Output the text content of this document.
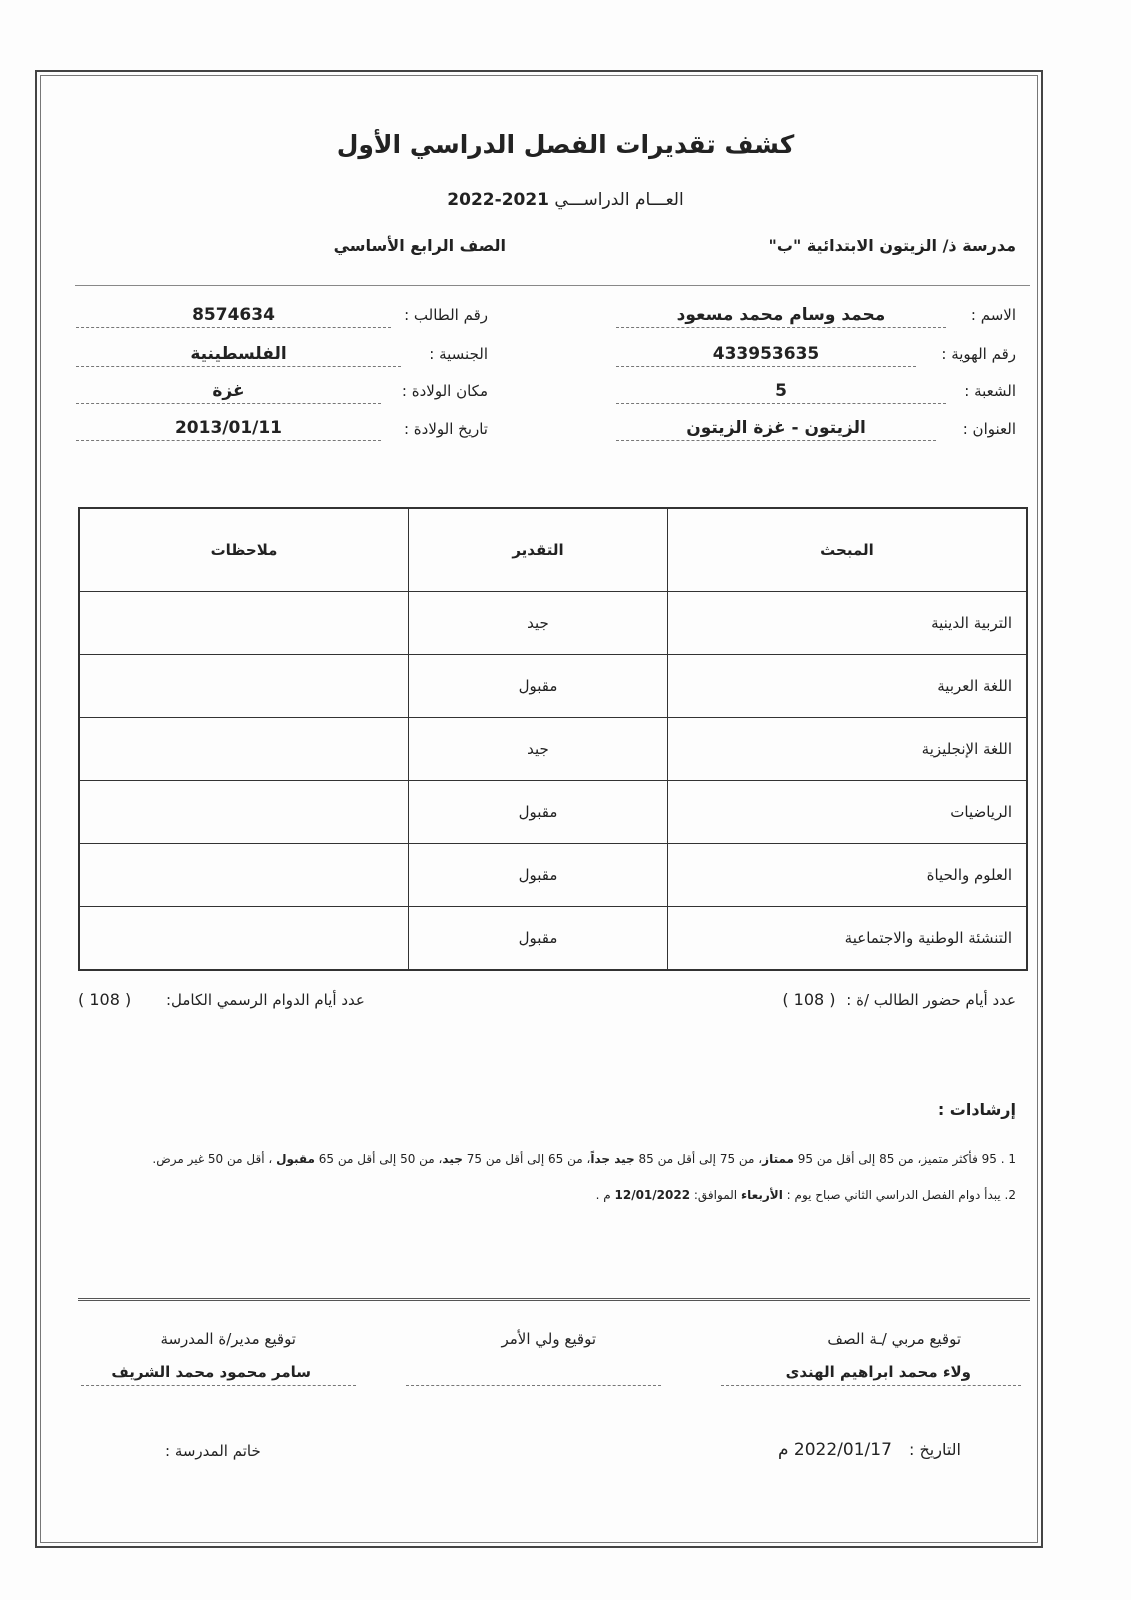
كشف تقديرات الفصل الدراسي الأول
العـــام الدراســـي 2021-2022
مدرسة ذ/ الزيتون الابتدائية "ب"
الصف الرابع الأساسي
الاسم :
محمد وسام محمد مسعود
رقم الهوية :
433953635
الشعبة :
5
العنوان :
الزيتون - غزة الزيتون
رقم الطالب :
8574634
الجنسية :
الفلسطينية
مكان الولادة :
غزة
تاريخ الولادة :
2013/01/11
المبحث	التقدير	ملاحظات
التربية الدينية	جيد	
اللغة العربية	مقبول	
اللغة الإنجليزية	جيد	
الرياضيات	مقبول	
العلوم والحياة	مقبول	
التنشئة الوطنية والاجتماعية	مقبول	
عدد أيام حضور الطالب /ة : ( 108 )
عدد أيام الدوام الرسمي الكامل: ( 108 )
إرشادات :
1 . 95 فأكثر متميز، من 85 إلى أقل من 95 ممتاز، من 75 إلى أقل من 85 جيد جداً، من 65 إلى أقل من 75 جيد، من 50 إلى أقل من 65 مقبول ، أقل من 50 غير مرض.
2. يبدأ دوام الفصل الدراسي الثاني صباح يوم : الأربعاء الموافق: 12/01/2022 م .
توقيع مربي /ـة الصف
ولاء محمد ابراهيم الهندى
توقيع ولي الأمر
توقيع مدير/ة المدرسة
سامر محمود محمد الشريف
التاريخ : 2022/01/17 م
خاتم المدرسة :
